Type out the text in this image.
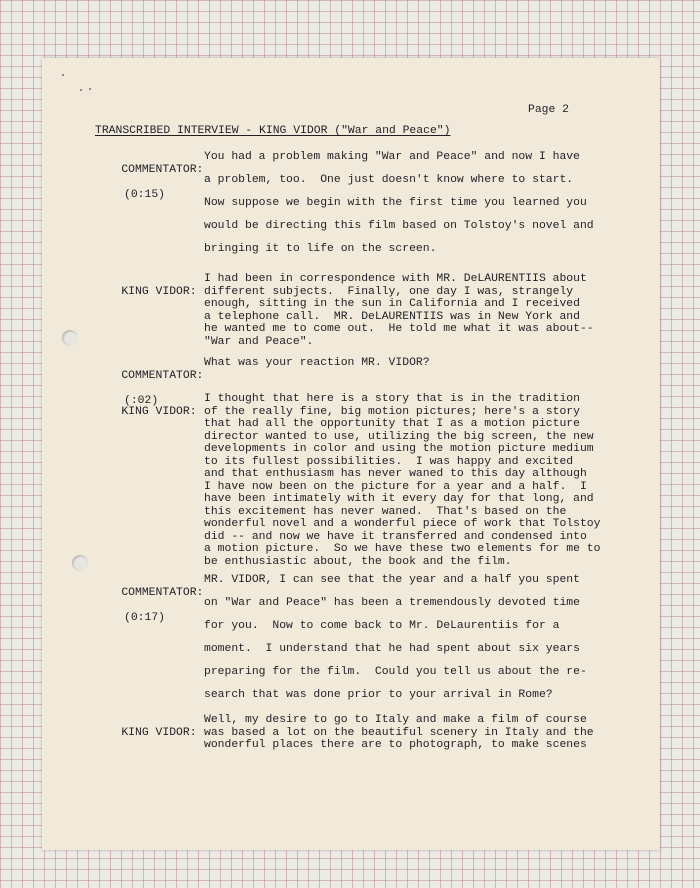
Page 2
TRANSCRIBED INTERVIEW - KING VIDOR ("War and Peace")

COMMENTATOR:

(0:15)

You had a problem making "War and Peace" and now I have
a problem, too.  One just doesn't know where to start.
Now suppose we begin with the first time you learned you
would be directing this film based on Tolstoy's novel and
bringing it to life on the screen.

KING VIDOR:

I had been in correspondence with MR. DeLAURENTIIS about
different subjects.  Finally, one day I was, strangely
enough, sitting in the sun in California and I received
a telephone call.  MR. DeLAURENTIIS was in New York and
he wanted me to come out.  He told me what it was about--
"War and Peace".

COMMENTATOR:

(:02)

What was your reaction MR. VIDOR?

KING VIDOR:

I thought that here is a story that is in the tradition
of the really fine, big motion pictures; here's a story
that had all the opportunity that I as a motion picture
director wanted to use, utilizing the big screen, the new
developments in color and using the motion picture medium
to its fullest possibilities.  I was happy and excited
and that enthusiasm has never waned to this day although
I have now been on the picture for a year and a half.  I
have been intimately with it every day for that long, and
this excitement has never waned.  That's based on the
wonderful novel and a wonderful piece of work that Tolstoy
did -- and now we have it transferred and condensed into
a motion picture.  So we have these two elements for me to
be enthusiastic about, the book and the film.

COMMENTATOR:

(0:17)

MR. VIDOR, I can see that the year and a half you spent
on "War and Peace" has been a tremendously devoted time
for you.  Now to come back to Mr. DeLaurentiis for a
moment.  I understand that he had spent about six years
preparing for the film.  Could you tell us about the re-
search that was done prior to your arrival in Rome?

KING VIDOR:

Well, my desire to go to Italy and make a film of course
was based a lot on the beautiful scenery in Italy and the
wonderful places there are to photograph, to make scenes
